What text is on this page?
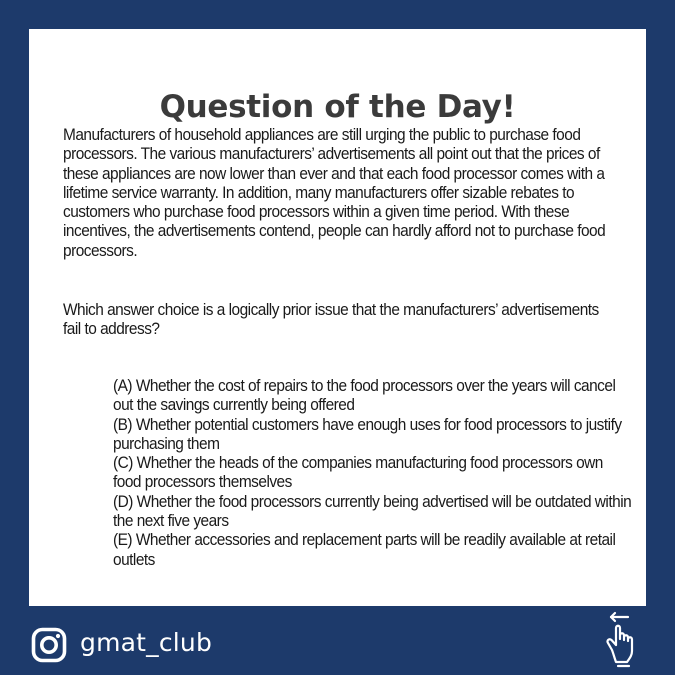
Question of the Day!

Manufacturers of household appliances are still urging the public to purchase food processors. The various manufacturers’ advertisements all point out that the prices of these appliances are now lower than ever and that each food processor comes with a lifetime service warranty. In addition, many manufacturers offer sizable rebates to customers who purchase food processors within a given time period. With these incentives, the advertisements contend, people can hardly afford not to purchase food processors.

Which answer choice is a logically prior issue that the manufacturers’ advertisements fail to address?

(A) Whether the cost of repairs to the food processors over the years will cancel out the savings currently being offered
(B) Whether potential customers have enough uses for food processors to justify purchasing them
(C) Whether the heads of the companies manufacturing food processors own food processors themselves
(D) Whether the food processors currently being advertised will be outdated within the next five years
(E) Whether accessories and replacement parts will be readily available at retail outlets
gmat_club
